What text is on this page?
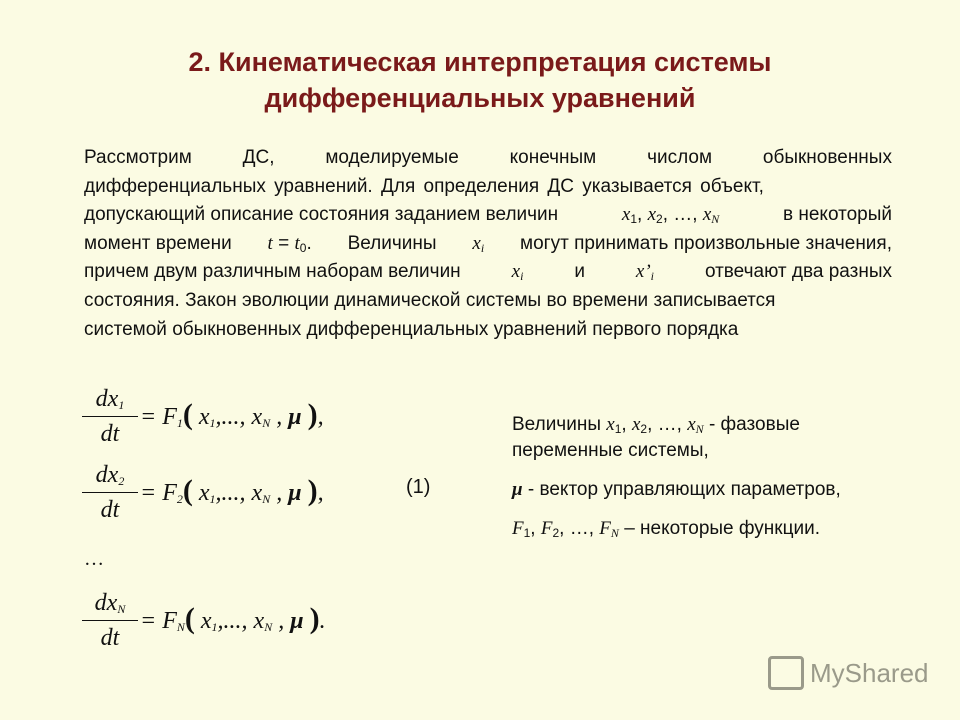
2. Кинематическая интерпретация системы
дифференциальных уравнений
Рассмотрим	ДС,	моделируемые	конечным	числом	обыкновенных
дифференциальных уравнений. Для определения ДС указывается объект,
допускающий описание состояния заданием величин	$x_1$, $x_2$, …, $x_N$	в некоторый
момент времени $t = t_0$. Величины $x_i$ могут принимать произвольные значения,
причем двум различным наборам величин	$x_i$	и	$x’_i$	отвечают два разных
состояния. Закон эволюции динамической системы во времени записывается
системой обыкновенных дифференциальных уравнений первого порядка
$dx_1$
dt
= $F_1$( $x_1$,..., $x_N$ , μ ),
$dx_2$
dt
= $F_2$( $x_1$,..., $x_N$ , μ ),	(1)
…
$dx_N$
dt
= $F_N$( $x_1$,..., $x_N$ , μ ).

Величины $x_1$, $x_2$, …, $x_N$ - фазовые
переменные системы,

μ - вектор управляющих параметров,

$F_1$, $F_2$, …, $F_N$ – некоторые функции.

MyShared
